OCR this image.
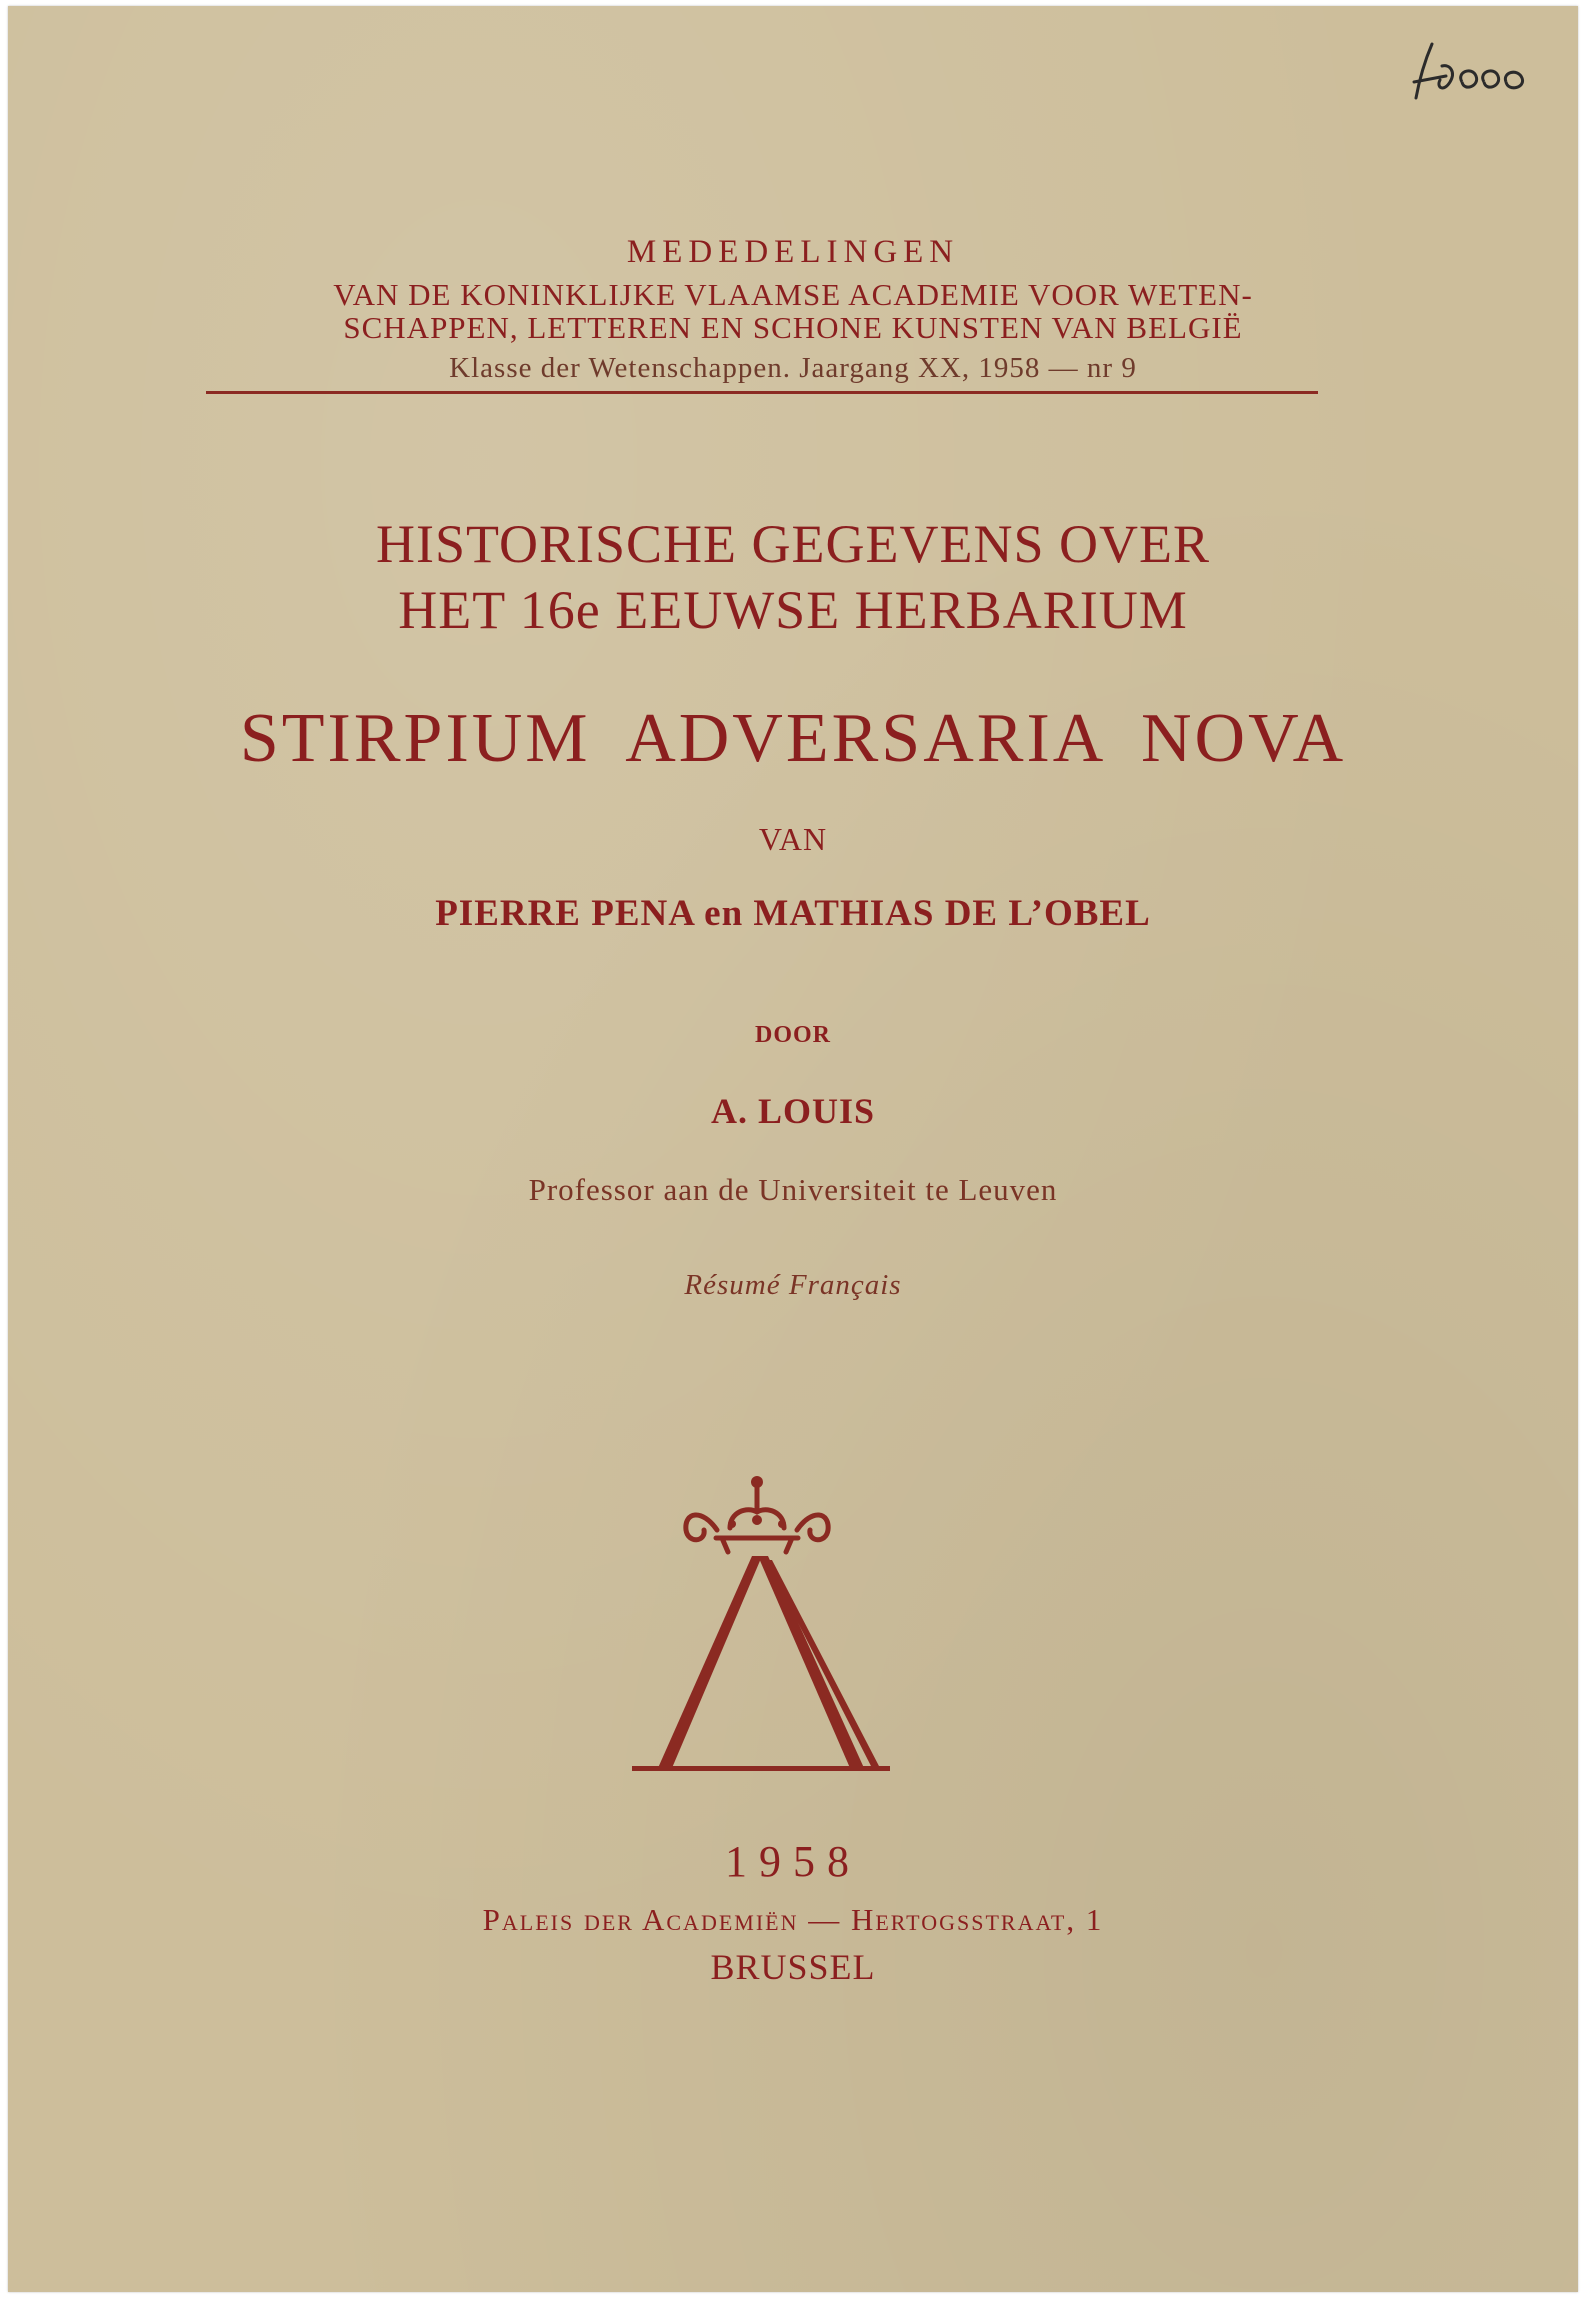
MEDEDELINGEN
VAN DE KONINKLIJKE VLAAMSE ACADEMIE VOOR WETEN-
SCHAPPEN, LETTEREN EN SCHONE KUNSTEN VAN BELGIË
Klasse der Wetenschappen. Jaargang XX, 1958 — nr 9
HISTORISCHE GEGEVENS OVER
HET 16e EEUWSE HERBARIUM
STIRPIUM ADVERSARIA NOVA
VAN
PIERRE PENA en MATHIAS DE L’OBEL
DOOR
A. LOUIS
Professor aan de Universiteit te Leuven
Résumé Français
1958
Paleis der Academiën — Hertogsstraat, 1
BRUSSEL
